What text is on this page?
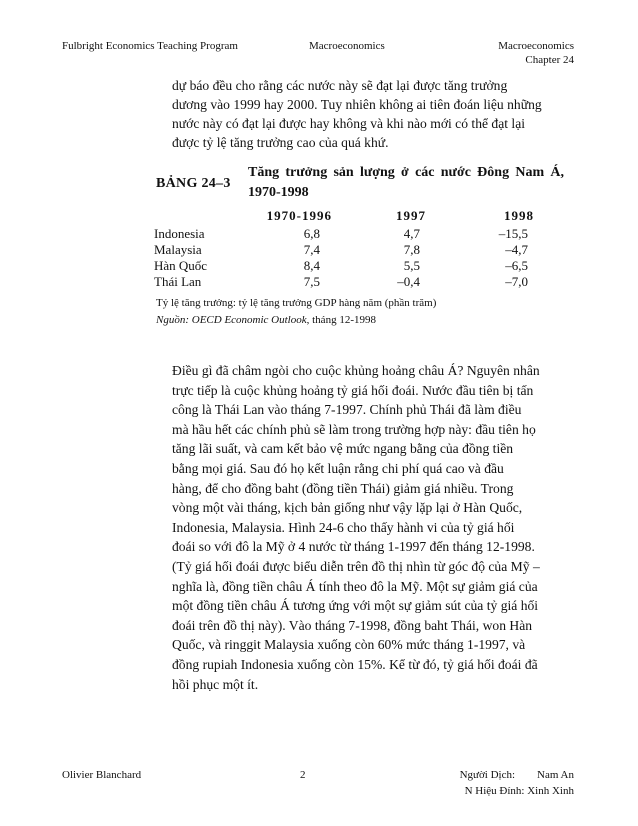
Fulbright Economics Teaching Program	Macroeconomics	Macroeconomics
Chapter 24
dự báo đều cho rằng các nước này sẽ đạt lại được tăng trưởng
dương vào 1999 hay 2000. Tuy nhiên không ai tiên đoán liệu những
nước này có đạt lại được hay không và khi nào mới có thể đạt lại
được tỷ lệ tăng trưởng cao của quá khứ.
BẢNG 24–3
Tăng trưởng sản lượng ở các nước Đông Nam Á, 1970-1998
1970-1996	1997	1998
Indonesia	6,8	4,7	–15,5
Malaysia	7,4	7,8	–4,7
Hàn Quốc	8,4	5,5	–6,5
Thái Lan	7,5	–0,4	–7,0
Tỷ lệ tăng trưởng: tỷ lệ tăng trưởng GDP hàng năm (phần trăm)
Nguồn: OECD Economic Outlook, tháng 12-1998
Điều gì đã châm ngòi cho cuộc khủng hoảng châu Á? Nguyên nhân
trực tiếp là cuộc khủng hoảng tỷ giá hối đoái. Nước đầu tiên bị tấn
công là Thái Lan vào tháng 7-1997. Chính phủ Thái đã làm điều
mà hầu hết các chính phủ sẽ làm trong trường hợp này: đầu tiên họ
tăng lãi suất, và cam kết bảo vệ mức ngang bằng của đồng tiền
bằng mọi giá. Sau đó họ kết luận rằng chi phí quá cao và đầu
hàng, để cho đồng baht (đồng tiền Thái) giảm giá nhiều. Trong
vòng một vài tháng, kịch bản giống như vậy lặp lại ở Hàn Quốc,
Indonesia, Malaysia. Hình 24-6 cho thấy hành vi của tỷ giá hối
đoái so với đô la Mỹ ở 4 nước từ tháng 1-1997 đến tháng 12-1998.
(Tỷ giá hối đoái được biểu diễn trên đồ thị nhìn từ góc độ của Mỹ –
nghĩa là, đồng tiền châu Á tính theo đô la Mỹ. Một sự giảm giá của
một đồng tiền châu Á tương ứng với một sự giảm sút của tỷ giá hối
đoái trên đồ thị này). Vào tháng 7-1998, đồng baht Thái, won Hàn
Quốc, và ringgit Malaysia xuống còn 60% mức tháng 1-1997, và
đồng rupiah Indonesia xuống còn 15%. Kể từ đó, tỷ giá hối đoái đã
hồi phục một ít.
Olivier Blanchard	2	Người Dịch:        Nam An
N Hiệu Đính: Xinh Xinh
